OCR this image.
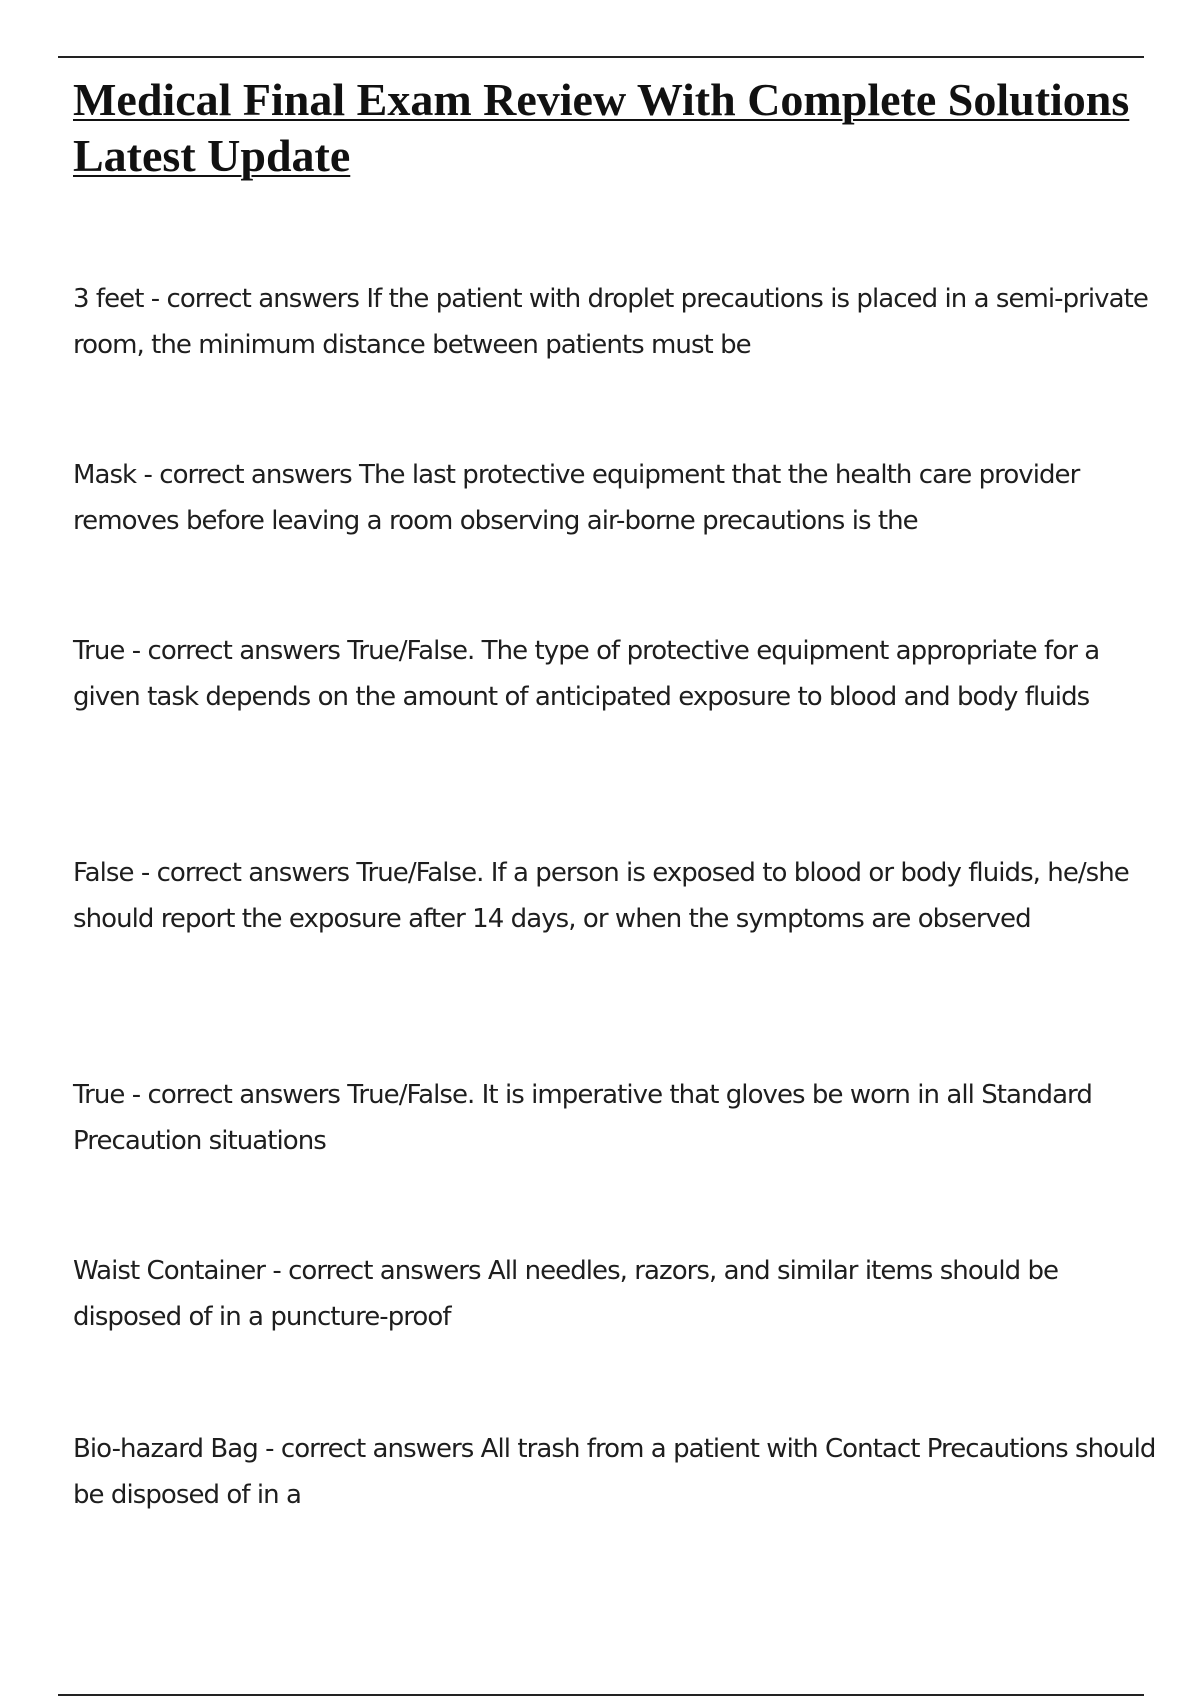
Medical Final Exam Review With Complete Solutions Latest Update

3 feet - correct answers If the patient with droplet precautions is placed in a semi-private room, the minimum distance between patients must be

Mask - correct answers The last protective equipment that the health care provider removes before leaving a room observing air-borne precautions is the

True - correct answers True/False. The type of protective equipment appropriate for a given task depends on the amount of anticipated exposure to blood and body fluids

False - correct answers True/False. If a person is exposed to blood or body fluids, he/she should report the exposure after 14 days, or when the symptoms are observed

True - correct answers True/False. It is imperative that gloves be worn in all Standard Precaution situations

Waist Container - correct answers All needles, razors, and similar items should be disposed of in a puncture-proof

Bio-hazard Bag - correct answers All trash from a patient with Contact Precautions should be disposed of in a
